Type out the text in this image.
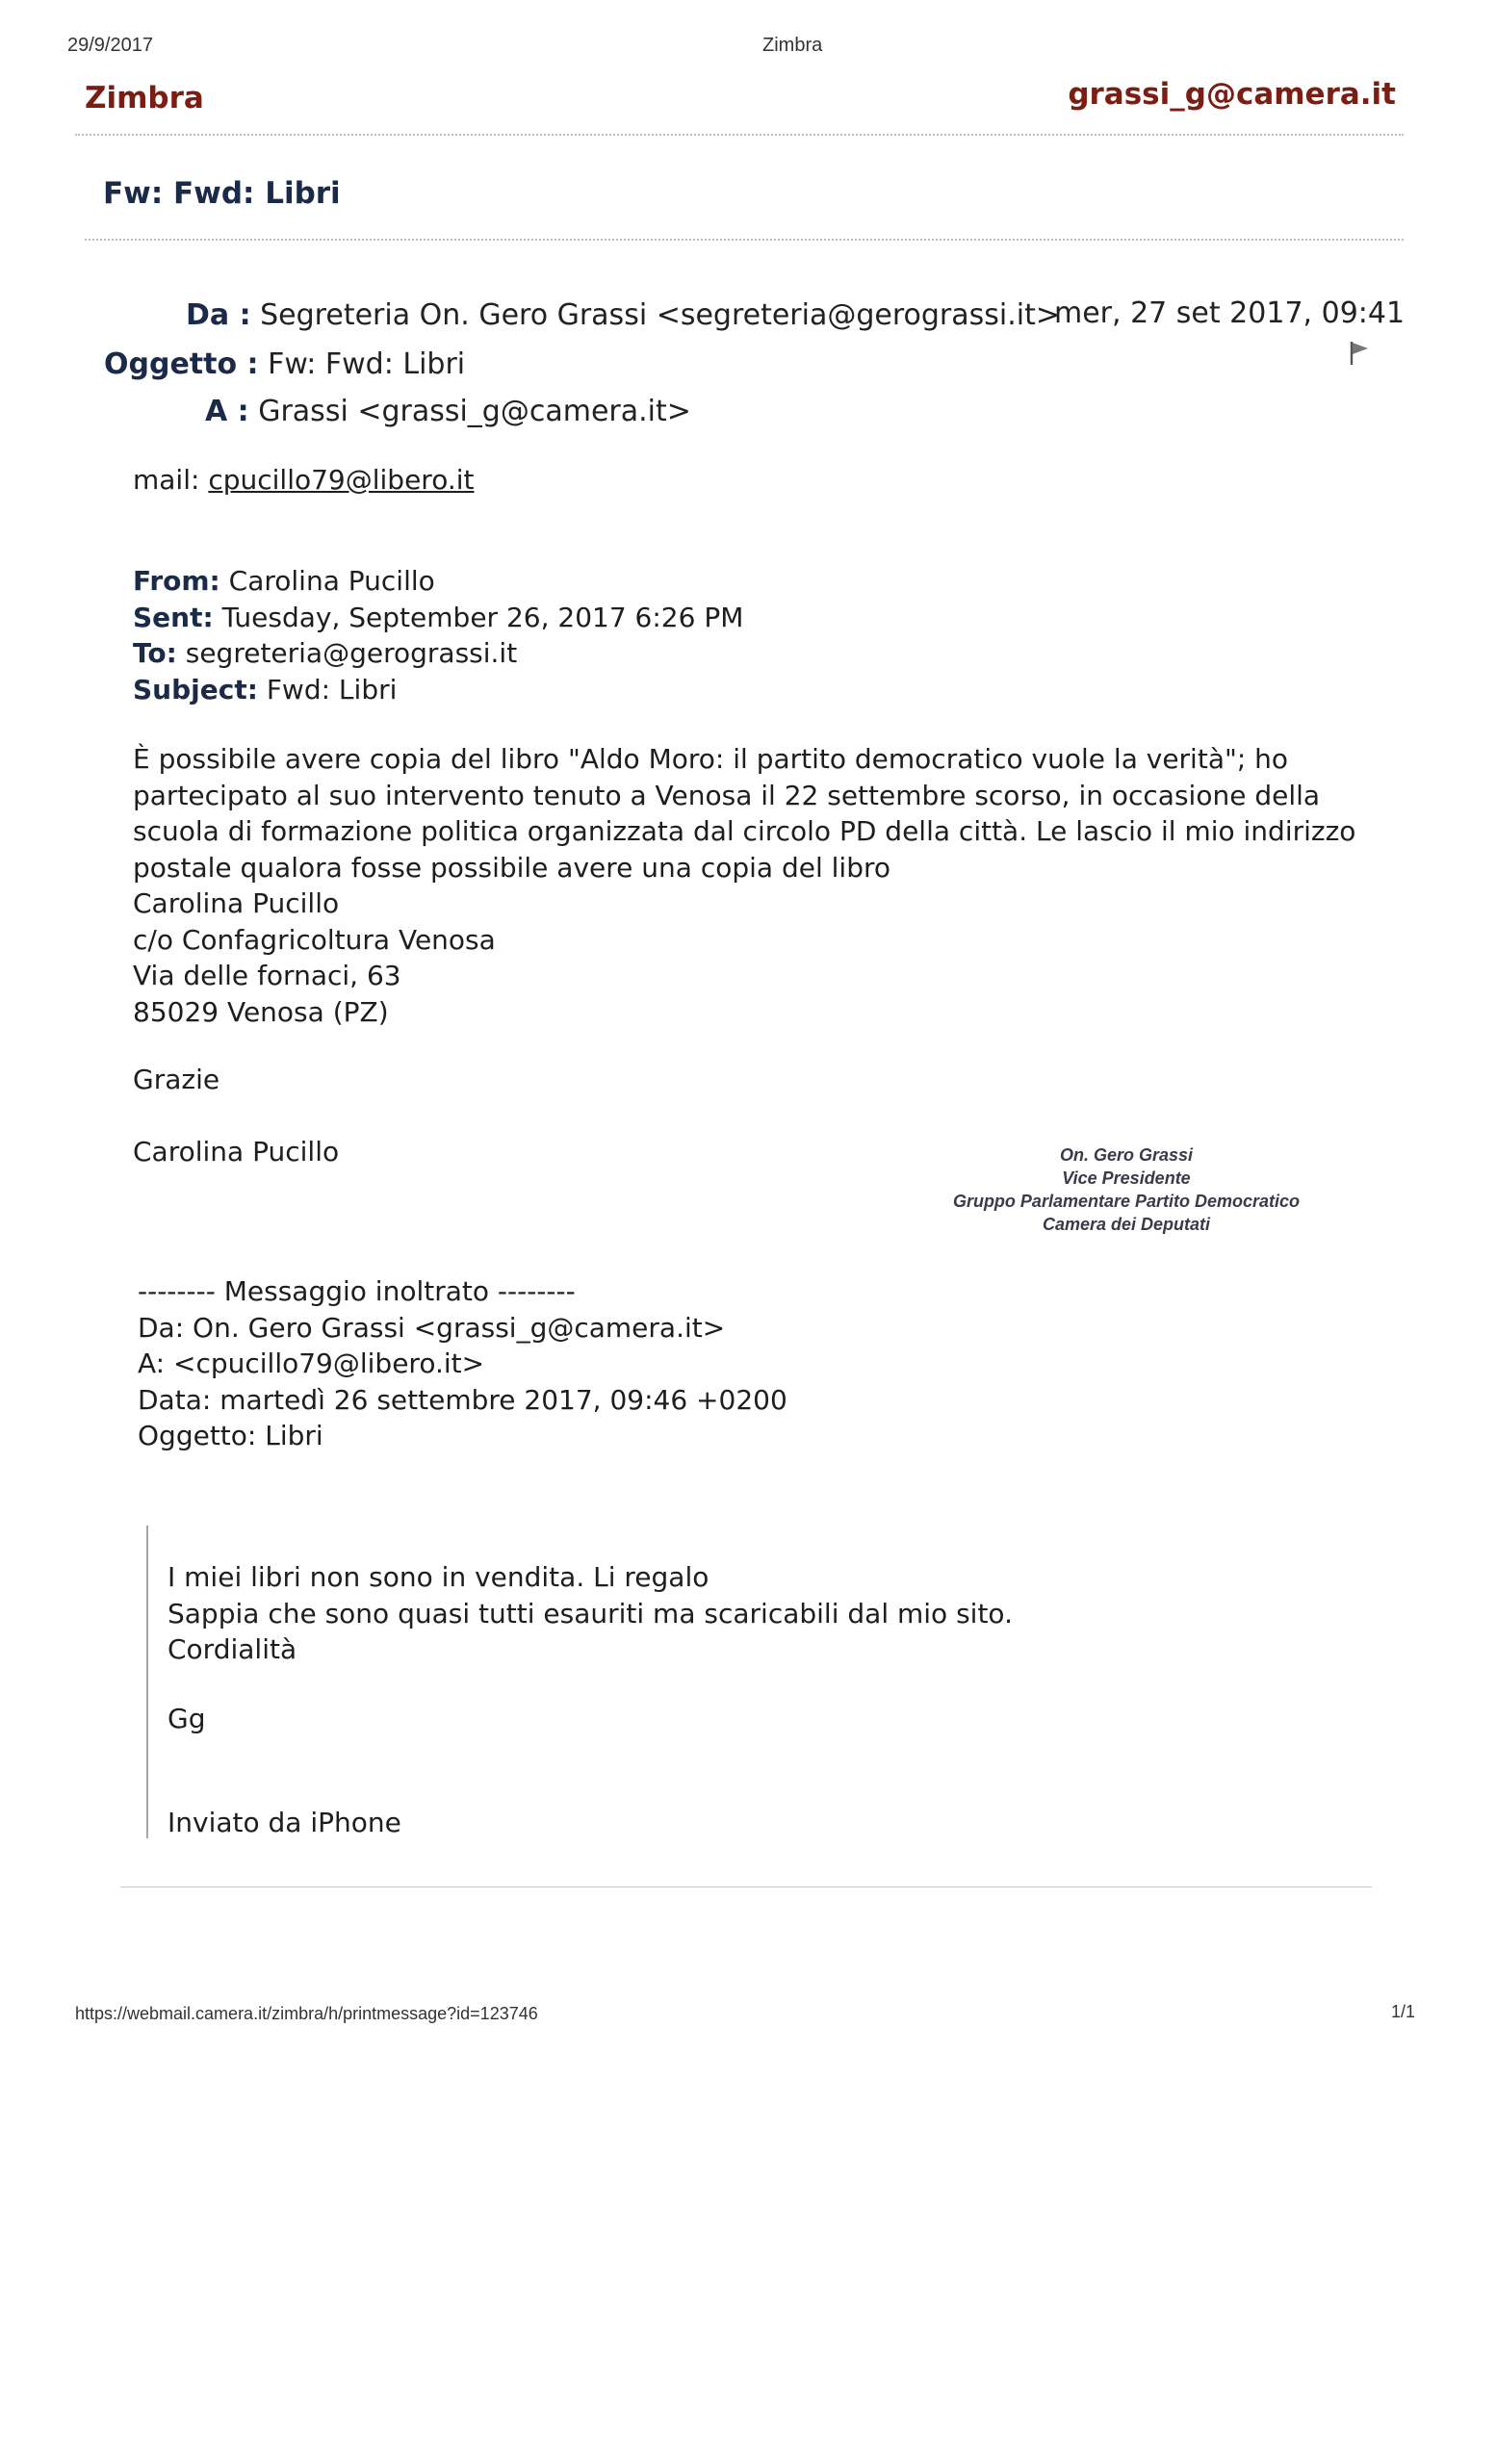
29/9/2017	Zimbra
Zimbra	grassi_g@camera.it
Fw: Fwd: Libri
Da : Segreteria On. Gero Grassi <segreteria@gerograssi.it>
mer, 27 set 2017, 09:41
Oggetto : Fw: Fwd: Libri
A : Grassi <grassi_g@camera.it>
mail: cpucillo79@libero.it
From: Carolina Pucillo
Sent: Tuesday, September 26, 2017 6:26 PM
To: segreteria@gerograssi.it
Subject: Fwd: Libri
È possibile avere copia del libro "Aldo Moro: il partito democratico vuole la verità"; ho
partecipato al suo intervento tenuto a Venosa il 22 settembre scorso, in occasione della
scuola di formazione politica organizzata dal circolo PD della città. Le lascio il mio indirizzo
postale qualora fosse possibile avere una copia del libro
Carolina Pucillo
c/o Confagricoltura Venosa
Via delle fornaci, 63
85029 Venosa (PZ)
Grazie
Carolina Pucillo	On. Gero Grassi
Vice Presidente
Gruppo Parlamentare Partito Democratico
Camera dei Deputati
-------- Messaggio inoltrato --------
Da: On. Gero Grassi <grassi_g@camera.it>
A: <cpucillo79@libero.it>
Data: martedì 26 settembre 2017, 09:46 +0200
Oggetto: Libri
I miei libri non sono in vendita. Li regalo
Sappia che sono quasi tutti esauriti ma scaricabili dal mio sito.
Cordialità
Gg
Inviato da iPhone
https://webmail.camera.it/zimbra/h/printmessage?id=123746	1/1
